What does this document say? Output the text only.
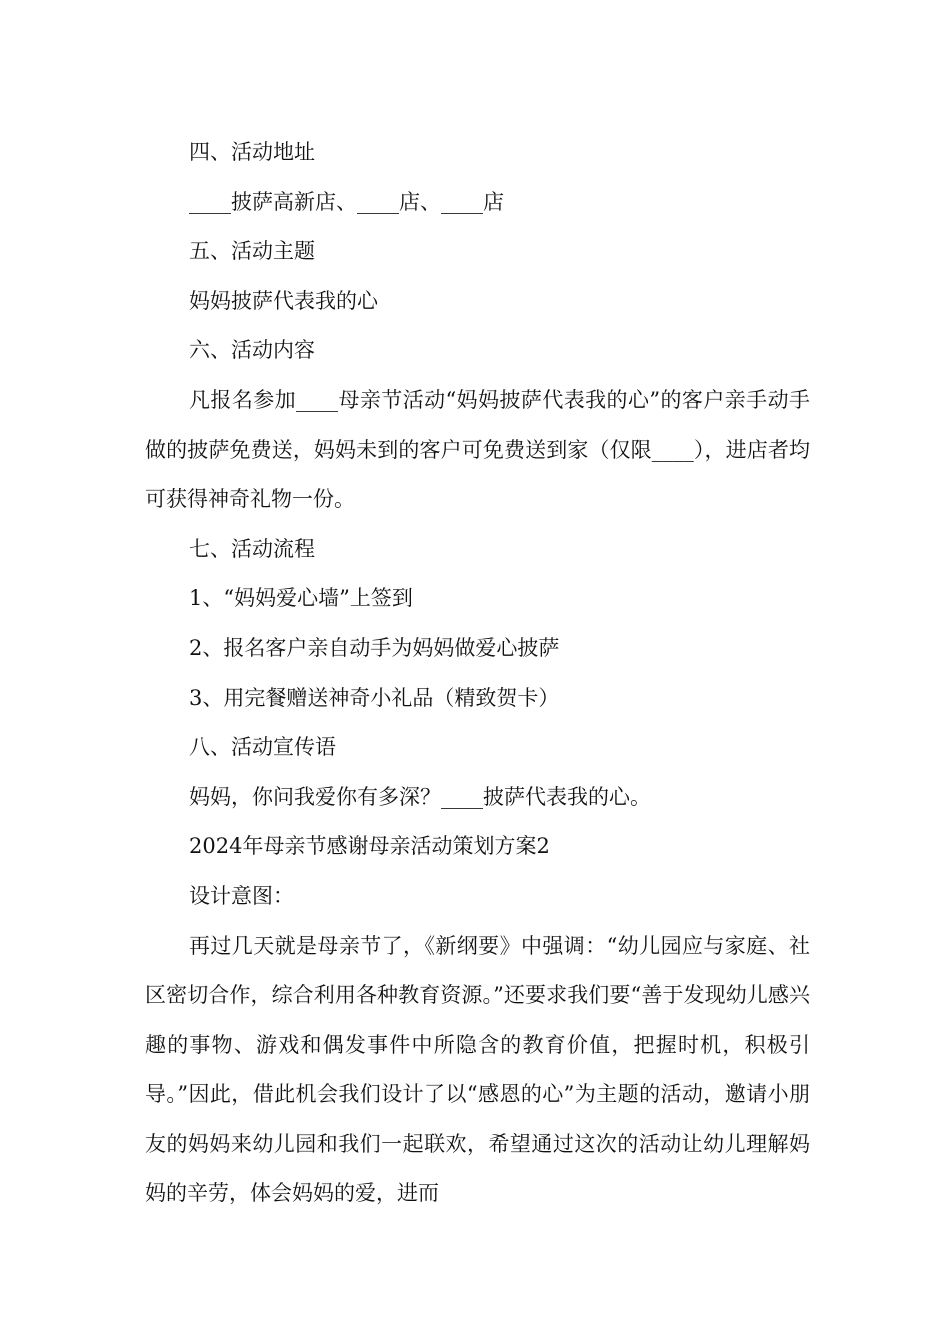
四、活动地址
____披萨高新店、____店、____店
五、活动主题
妈妈披萨代表我的心
六、活动内容

凡报名参加____母亲节活动“妈妈披萨代表我的心”的客户亲手动手做的披萨免费送，妈妈未到的客户可免费送到家（仅限____），进店者均可获得神奇礼物一份。

七、活动流程
1、“妈妈爱心墙”上签到
2、报名客户亲自动手为妈妈做爱心披萨
3、用完餐赠送神奇小礼品（精致贺卡）
八、活动宣传语
妈妈，你问我爱你有多深？____披萨代表我的心。
2024年母亲节感谢母亲活动策划方案2
设计意图：

再过几天就是母亲节了，《新纲要》中强调：“幼儿园应与家庭、社区密切合作，综合利用各种教育资源。”还要求我们要“善于发现幼儿感兴趣的事物、游戏和偶发事件中所隐含的教育价值，把握时机，积极引导。”因此，借此机会我们设计了以“感恩的心”为主题的活动，邀请小朋友的妈妈来幼儿园和我们一起联欢，希望通过这次的活动让幼儿理解妈妈的辛劳，体会妈妈的爱，进而
